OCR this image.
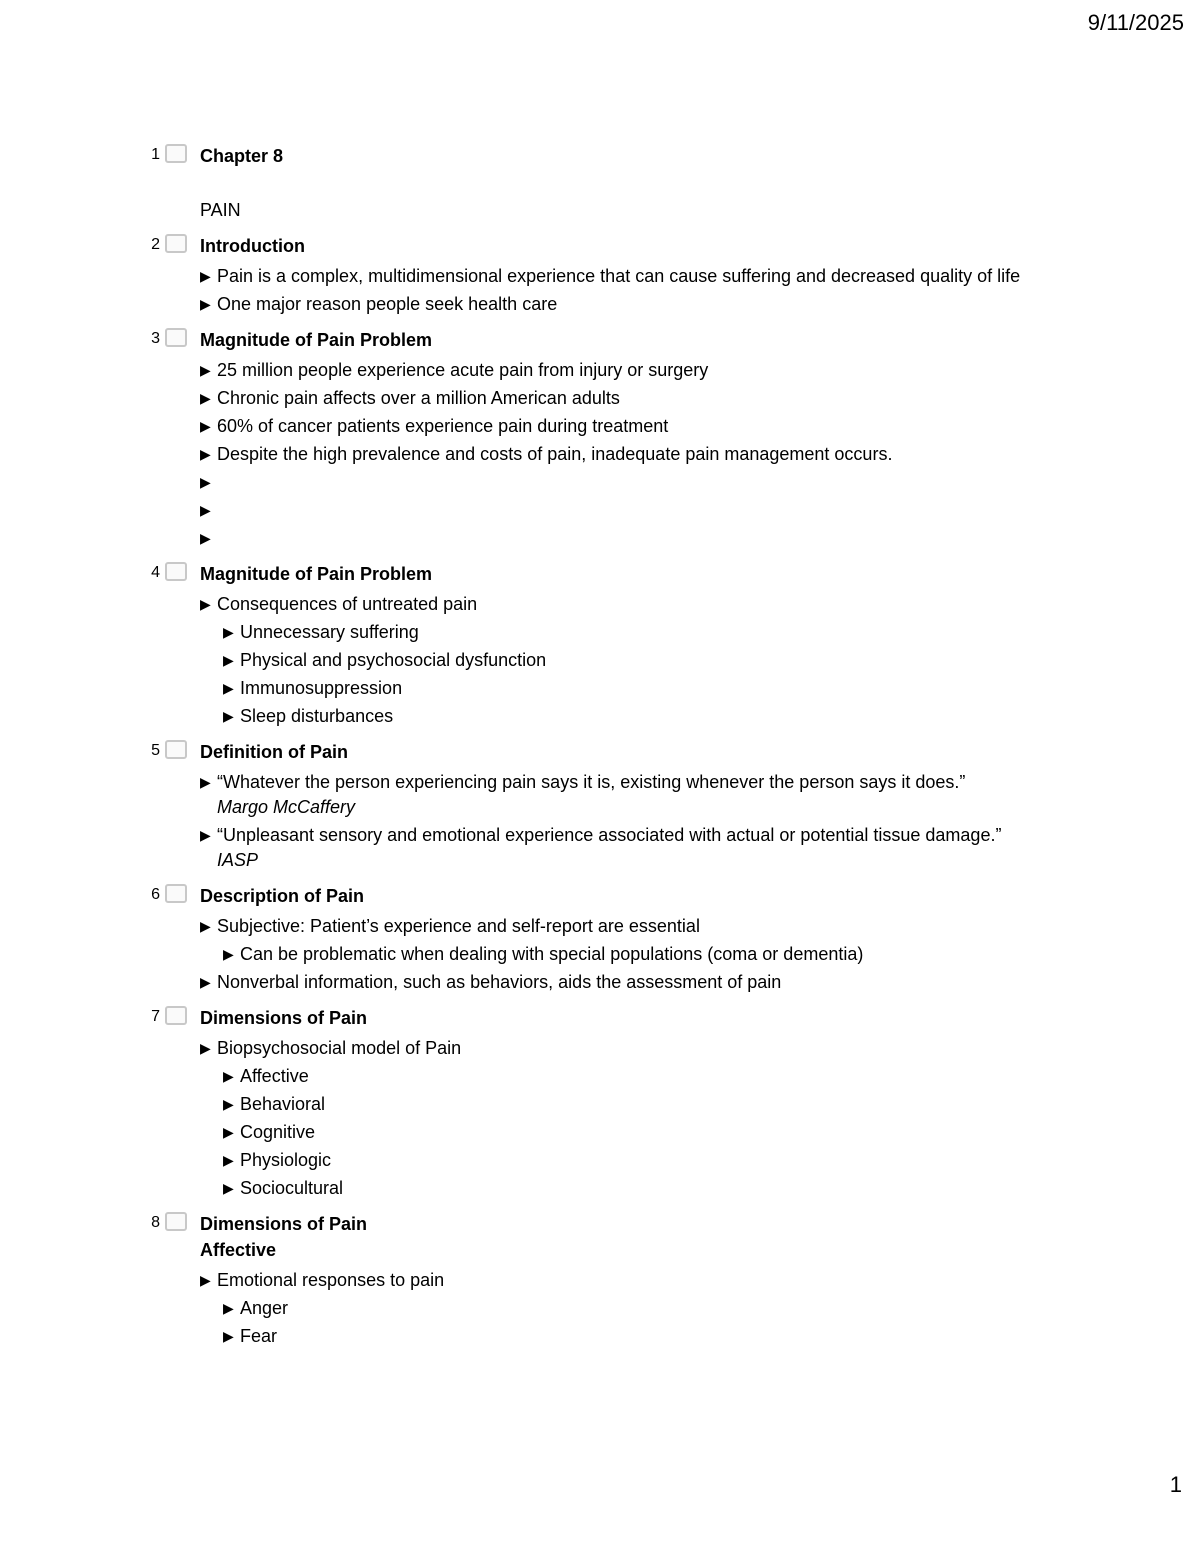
9/11/2025
1 Chapter 8
PAIN
2 Introduction
▶ Pain is a complex, multidimensional experience that can cause suffering and decreased quality of life
▶ One major reason people seek health care
3 Magnitude of Pain Problem
▶ 25 million people experience acute pain from injury or surgery
▶ Chronic pain affects over a million American adults
▶ 60% of cancer patients experience pain during treatment
▶ Despite the high prevalence and costs of pain, inadequate pain management occurs.
▶

▶

▶

4 Magnitude of Pain Problem
▶ Consequences of untreated pain
▶ Unnecessary suffering
▶ Physical and psychosocial dysfunction
▶ Immunosuppression
▶ Sleep disturbances
5 Definition of Pain
▶ “Whatever the person experiencing pain says it is, existing whenever the person says it does.”
Margo McCaffery
▶ “Unpleasant sensory and emotional experience associated with actual or potential tissue damage.”
IASP
6 Description of Pain
▶ Subjective: Patient’s experience and self-report are essential
▶ Can be problematic when dealing with special populations (coma or dementia)
▶ Nonverbal information, such as behaviors, aids the assessment of pain
7 Dimensions of Pain
▶ Biopsychosocial model of Pain
▶ Affective
▶ Behavioral
▶ Cognitive
▶ Physiologic
▶ Sociocultural
8 Dimensions of Pain
Affective
▶ Emotional responses to pain
▶ Anger
▶ Fear
1
